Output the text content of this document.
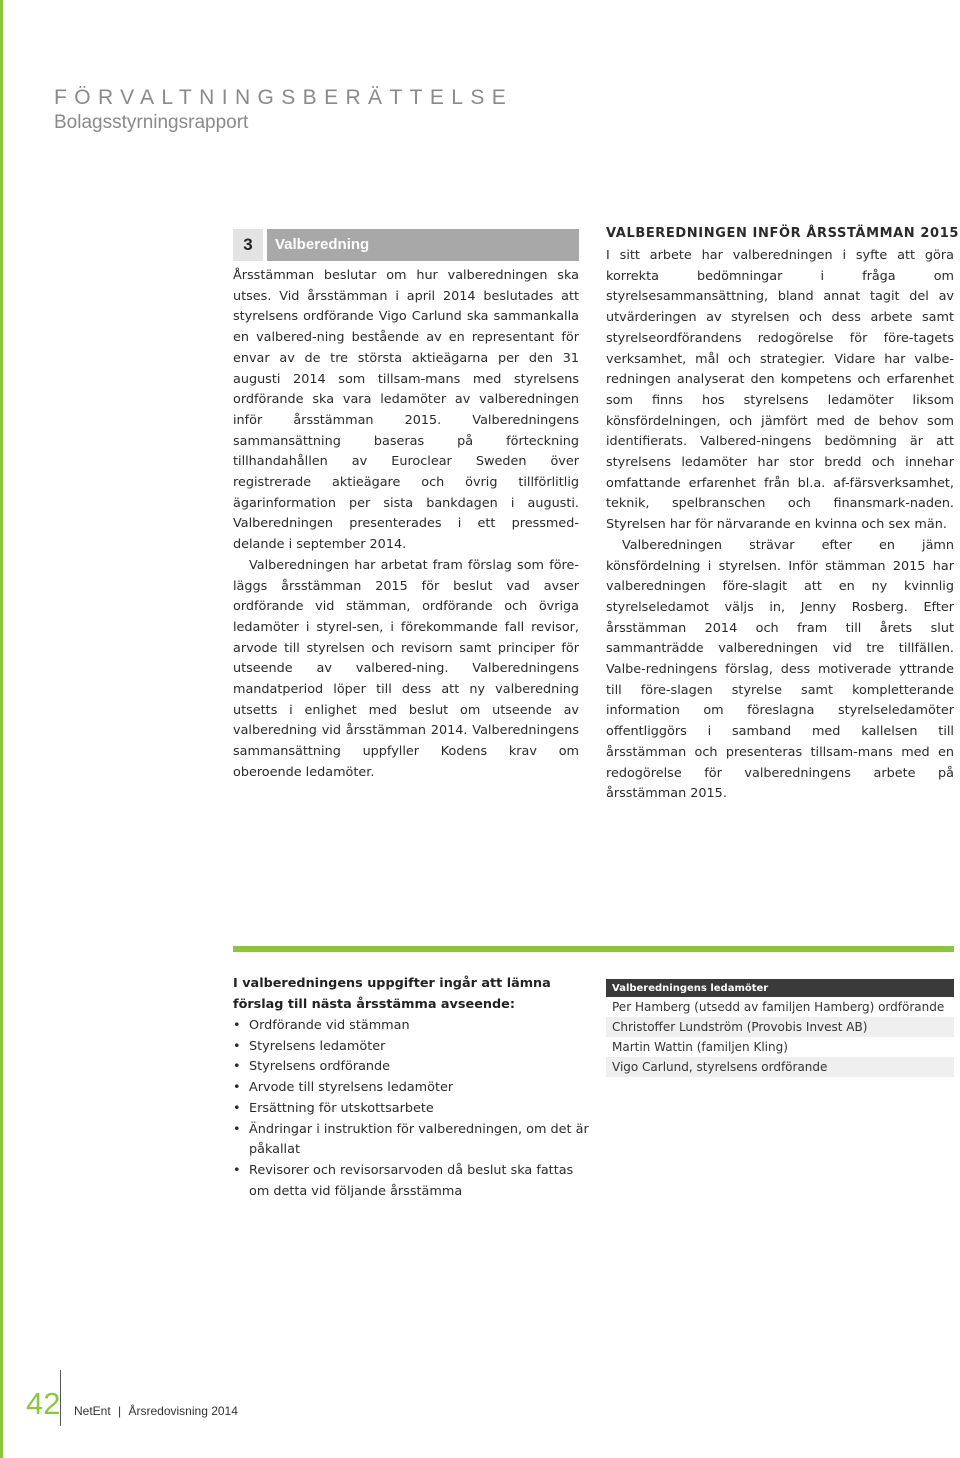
FÖRVALTNINGSBERÄTTELSE
Bolagsstyrningsrapport
3	Valberedning

Årsstämman beslutar om hur valberedningen ska utses. Vid årsstämman i april 2014 beslutades att styrelsens ordförande Vigo Carlund ska sammankalla en valbered-ning bestående av en representant för envar av de tre största aktieägarna per den 31 augusti 2014 som tillsam-mans med styrelsens ordförande ska vara ledamöter av valberedningen inför årsstämman 2015. Valberedningens sammansättning baseras på förteckning tillhandahållen av Euroclear Sweden över registrerade aktieägare och övrig tillförlitlig ägarinformation per sista bankdagen i augusti. Valberedningen presenterades i ett pressmed-delande i september 2014.

Valberedningen har arbetat fram förslag som före-läggs årsstämman 2015 för beslut vad avser ordförande vid stämman, ordförande och övriga ledamöter i styrel-sen, i förekommande fall revisor, arvode till styrelsen och revisorn samt principer för utseende av valbered-ning. Valberedningens mandatperiod löper till dess att ny valberedning utsetts i enlighet med beslut om utseende av valberedning vid årsstämman 2014. Valberedningens sammansättning uppfyller Kodens krav om oberoende ledamöter.

VALBEREDNINGEN INFÖR ÅRSSTÄMMAN 2015

I sitt arbete har valberedningen i syfte att göra korrekta bedömningar i fråga om styrelsesammansättning, bland annat tagit del av utvärderingen av styrelsen och dess arbete samt styrelseordförandens redogörelse för före-tagets verksamhet, mål och strategier. Vidare har valbe-redningen analyserat den kompetens och erfarenhet som finns hos styrelsens ledamöter liksom könsfördelningen, och jämfört med de behov som identifierats. Valbered-ningens bedömning är att styrelsens ledamöter har stor bredd och innehar omfattande erfarenhet från bl.a. af-färsverksamhet, teknik, spelbranschen och finansmark-naden. Styrelsen har för närvarande en kvinna och sex män.

Valberedningen strävar efter en jämn könsfördelning i styrelsen. Inför stämman 2015 har valberedningen före-slagit att en ny kvinnlig styrelseledamot väljs in, Jenny Rosberg. Efter årsstämman 2014 och fram till årets slut sammanträdde valberedningen vid tre tillfällen. Valbe-redningens förslag, dess motiverade yttrande till före-slagen styrelse samt kompletterande information om föreslagna styrelseledamöter offentliggörs i samband med kallelsen till årsstämman och presenteras tillsam-mans med en redogörelse för valberedningens arbete på årsstämman 2015.

I valberedningens uppgifter ingår att lämna förslag till nästa årsstämma avseende:
• Ordförande vid stämman
• Styrelsens ledamöter
• Styrelsens ordförande
• Arvode till styrelsens ledamöter
• Ersättning för utskottsarbete
• Ändringar i instruktion för valberedningen, om det är påkallat
• Revisorer och revisorsarvoden då beslut ska fattas om detta vid följande årsstämma
Valberedningens ledamöter
Per Hamberg (utsedd av familjen Hamberg) ordförande
Christoffer Lundström (Provobis Invest AB)
Martin Wattin (familjen Kling)
Vigo Carlund, styrelsens ordförande
42 NetEnt | Årsredovisning 2014
